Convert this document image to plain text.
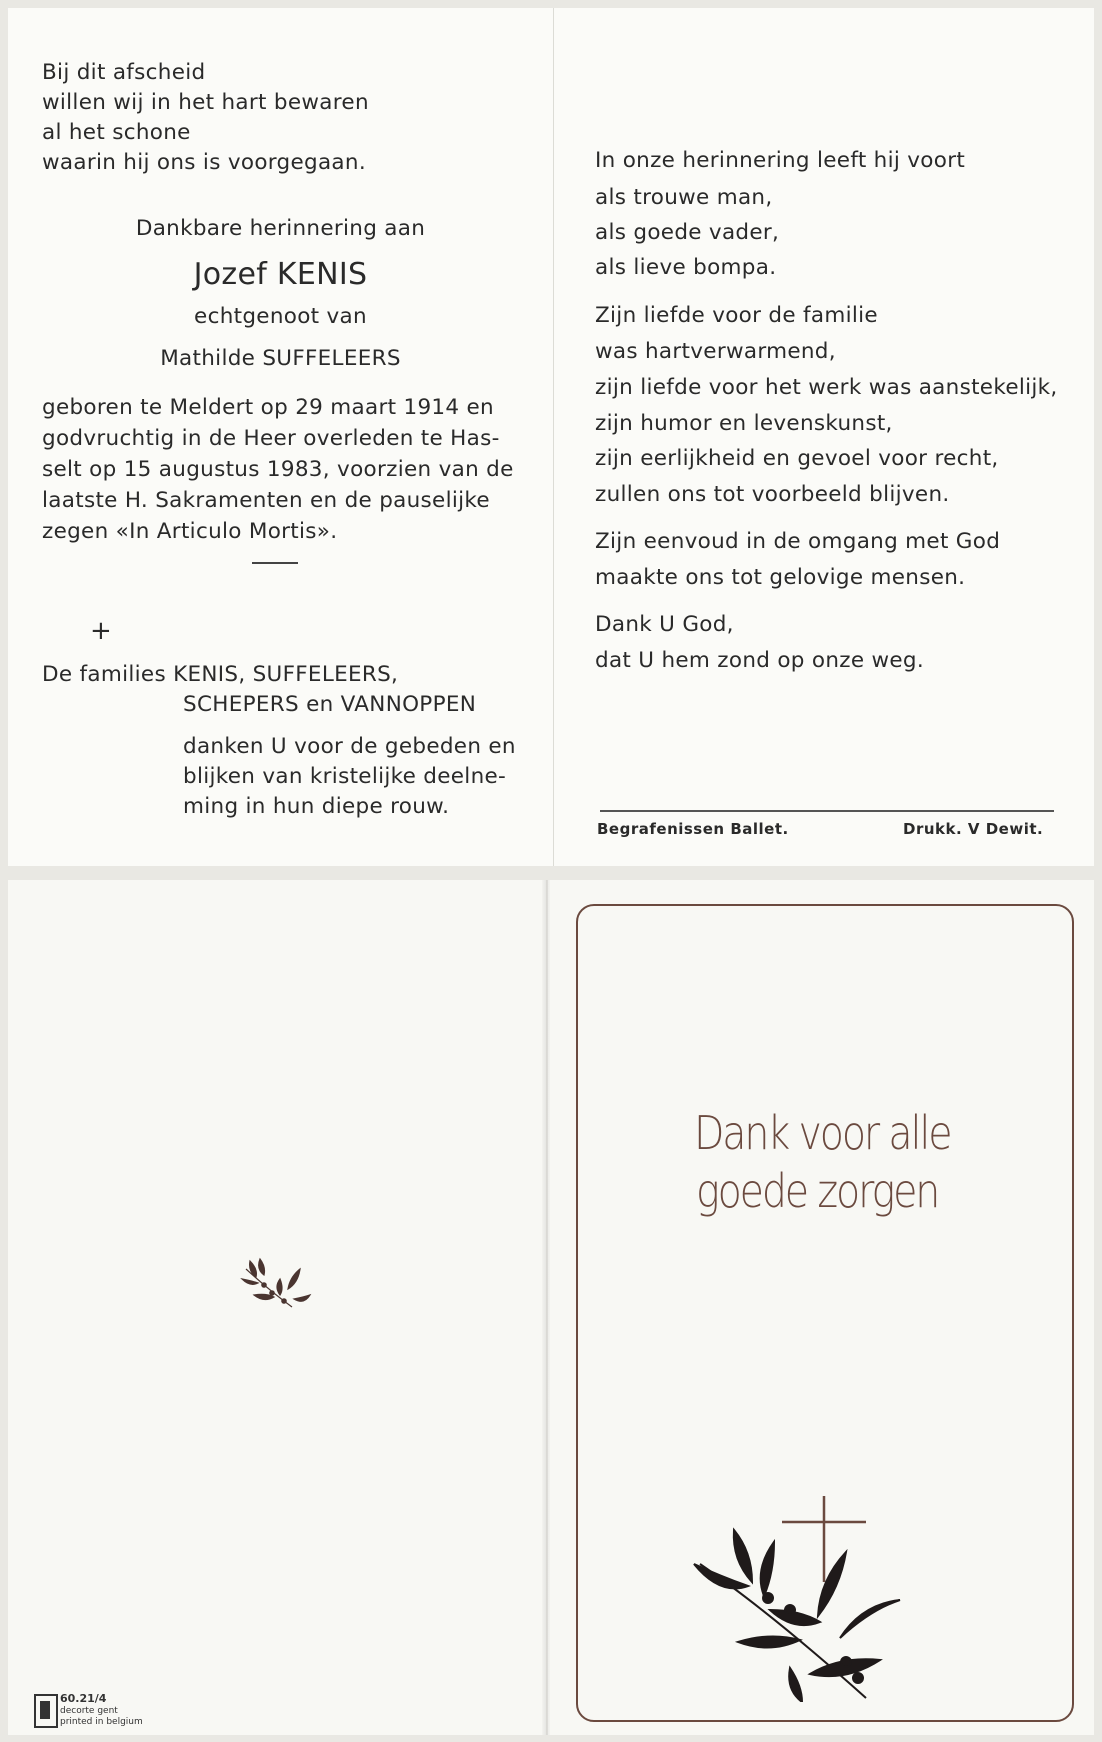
Bij dit afscheid
willen wij in het hart bewaren
al het schone
waarin hij ons is voorgegaan.
Dankbare herinnering aan
Jozef KENIS
echtgenoot van
Mathilde SUFFELEERS
geboren te Meldert op 29 maart 1914 en
godvruchtig in de Heer overleden te Has-
selt op 15 augustus 1983, voorzien van de
laatste H. Sakramenten en de pauselijke
zegen «In Articulo Mortis».
+
De families KENIS, SUFFELEERS,
SCHEPERS en VANNOPPEN
danken U voor de gebeden en
blijken van kristelijke deelne-
ming in hun diepe rouw.
In onze herinnering leeft hij voort
als trouwe man,
als goede vader,
als lieve bompa.
Zijn liefde voor de familie
was hartverwarmend,
zijn liefde voor het werk was aanstekelijk,
zijn humor en levenskunst,
zijn eerlijkheid en gevoel voor recht,
zullen ons tot voorbeeld blijven.
Zijn eenvoud in de omgang met God
maakte ons tot gelovige mensen.
Dank U God,
dat U hem zond op onze weg.
Begrafenissen Ballet.	Drukk. V Dewit.
60.21/4
decorte gent
printed in belgium
Dank voor alle
goede zorgen
